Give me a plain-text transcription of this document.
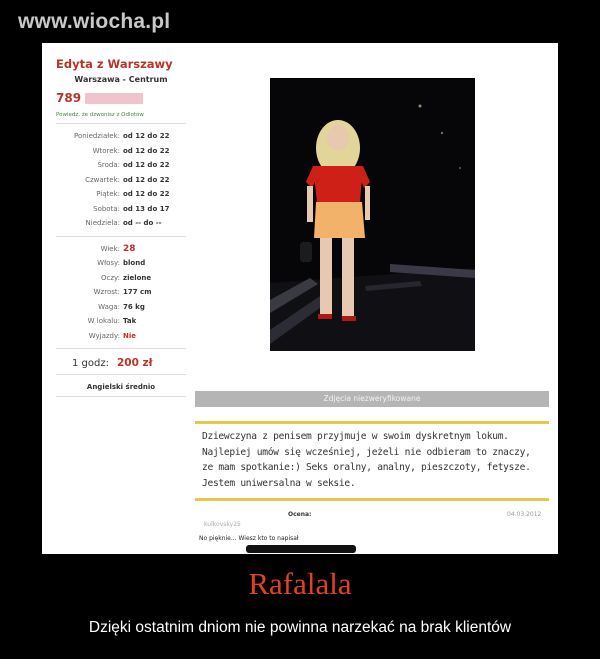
www.wiocha.pl
Edyta z Warszawy
Warszawa - Centrum
789
Powiedz, że dzwonisz z Odlotów
Poniedziałek: od 12 do 22
Wtorek: od 12 do 22
Środa: od 12 do 22
Czwartek: od 12 do 22
Piątek: od 12 do 22
Sobota: od 13 do 17
Niedziela: od -- do --
Wiek: 28
Włosy: blond
Oczy: zielone
Wzrost: 177 cm
Waga: 76 kg
W lokalu: Tak
Wyjazdy: Nie
1 godz: 200 zł
Angielski średnio
Zdjęcia niezweryfikowane
Dziewczyna z penisem przyjmuje w swoim dyskretnym lokum.
Najlepiej umów się wcześniej, jeżeli nie odbieram to znaczy,
ze mam spotkanie:) Seks oralny, analny, pieszczoty, fetysze.
Jestem uniwersalna w seksie.
Ocena:	04.03.2012
kulkovsky25
No pięknie... Wiesz kto to napisał
Rafalala
Dzięki ostatnim dniom nie powinna narzekać na brak klientów
